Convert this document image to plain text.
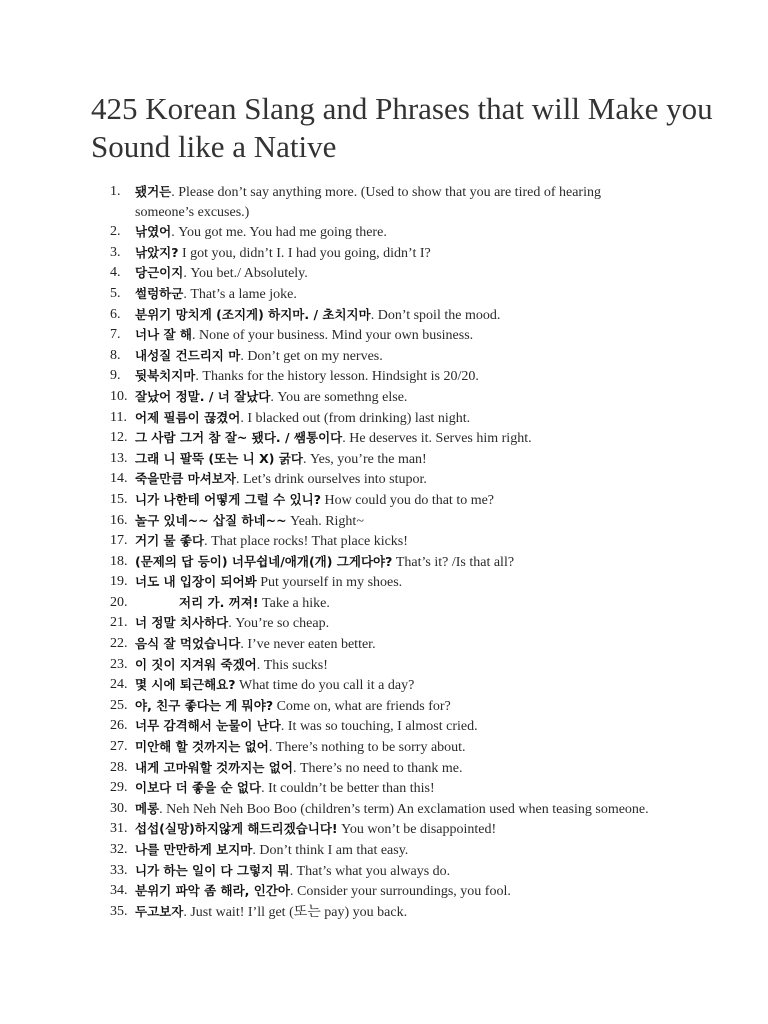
425 Korean Slang and Phrases that will Make you Sound like a Native
1.	됐거든. Please don’t say anything more. (Used to show that you are tired of hearing someone’s excuses.)
2.	낚였어. You got me. You had me going there.
3.	낚았지? I got you, didn’t I. I had you going, didn’t I?
4.	당근이지. You bet./ Absolutely.
5.	썰렁하군. That’s a lame joke.
6.	분위기 망치게 (조지게) 하지마. / 초치지마. Don’t spoil the mood.
7.	너나 잘 해. None of your business. Mind your own business.
8.	내성질 건드리지 마. Don’t get on my nerves.
9.	뒷북치지마. Thanks for the history lesson. Hindsight is 20/20.
10. 잘났어 정말. / 너 잘났다. You are somethng else.
11. 어제 필름이 끊겼어. I blacked out (from drinking) last night.
12. 그 사람 그거 참 잘~ 됐다. / 쌤통이다. He deserves it. Serves him right.
13. 그래 니 팔뚝 (또는 니 X) 굵다. Yes, you’re the man!
14. 죽을만큼 마셔보자. Let’s drink ourselves into stupor.
15. 니가 나한테 어떻게 그럴 수 있니? How could you do that to me?
16. 놀구 있네~~ 삽질 하네~~ Yeah. Right~
17. 거기 물 좋다. That place rocks! That place kicks!
18. (문제의 답 등이) 너무쉽네/애개(개) 그게다야? That’s it? /Is that all?
19. 너도 내 입장이 되어봐 Put yourself in my shoes.
20.	저리 가. 꺼져! Take a hike.
21. 너 정말 치사하다. You’re so cheap.
22. 음식 잘 먹었습니다. I’ve never eaten better.
23. 이 짓이 지겨워 죽겠어. This sucks!
24. 몇 시에 퇴근해요? What time do you call it a day?
25. 야, 친구 좋다는 게 뭐야? Come on, what are friends for?
26. 너무 감격해서 눈물이 난다. It was so touching, I almost cried.
27. 미안해 할 것까지는 없어. There’s nothing to be sorry about.
28. 내게 고마워할 것까지는 없어. There’s no need to thank me.
29. 이보다 더 좋을 순 없다. It couldn’t be better than this!
30. 메롱. Neh Neh Neh Boo Boo (children’s term) An exclamation used when teasing someone.
31. 섭섭(실망)하지않게 해드리겠습니다! You won’t be disappointed!
32. 나를 만만하게 보지마. Don’t think I am that easy.
33. 니가 하는 일이 다 그렇지 뭐. That’s what you always do.
34. 분위기 파악 좀 해라, 인간아. Consider your surroundings, you fool.
35. 두고보자. Just wait! I’ll get (또는 pay) you back.
